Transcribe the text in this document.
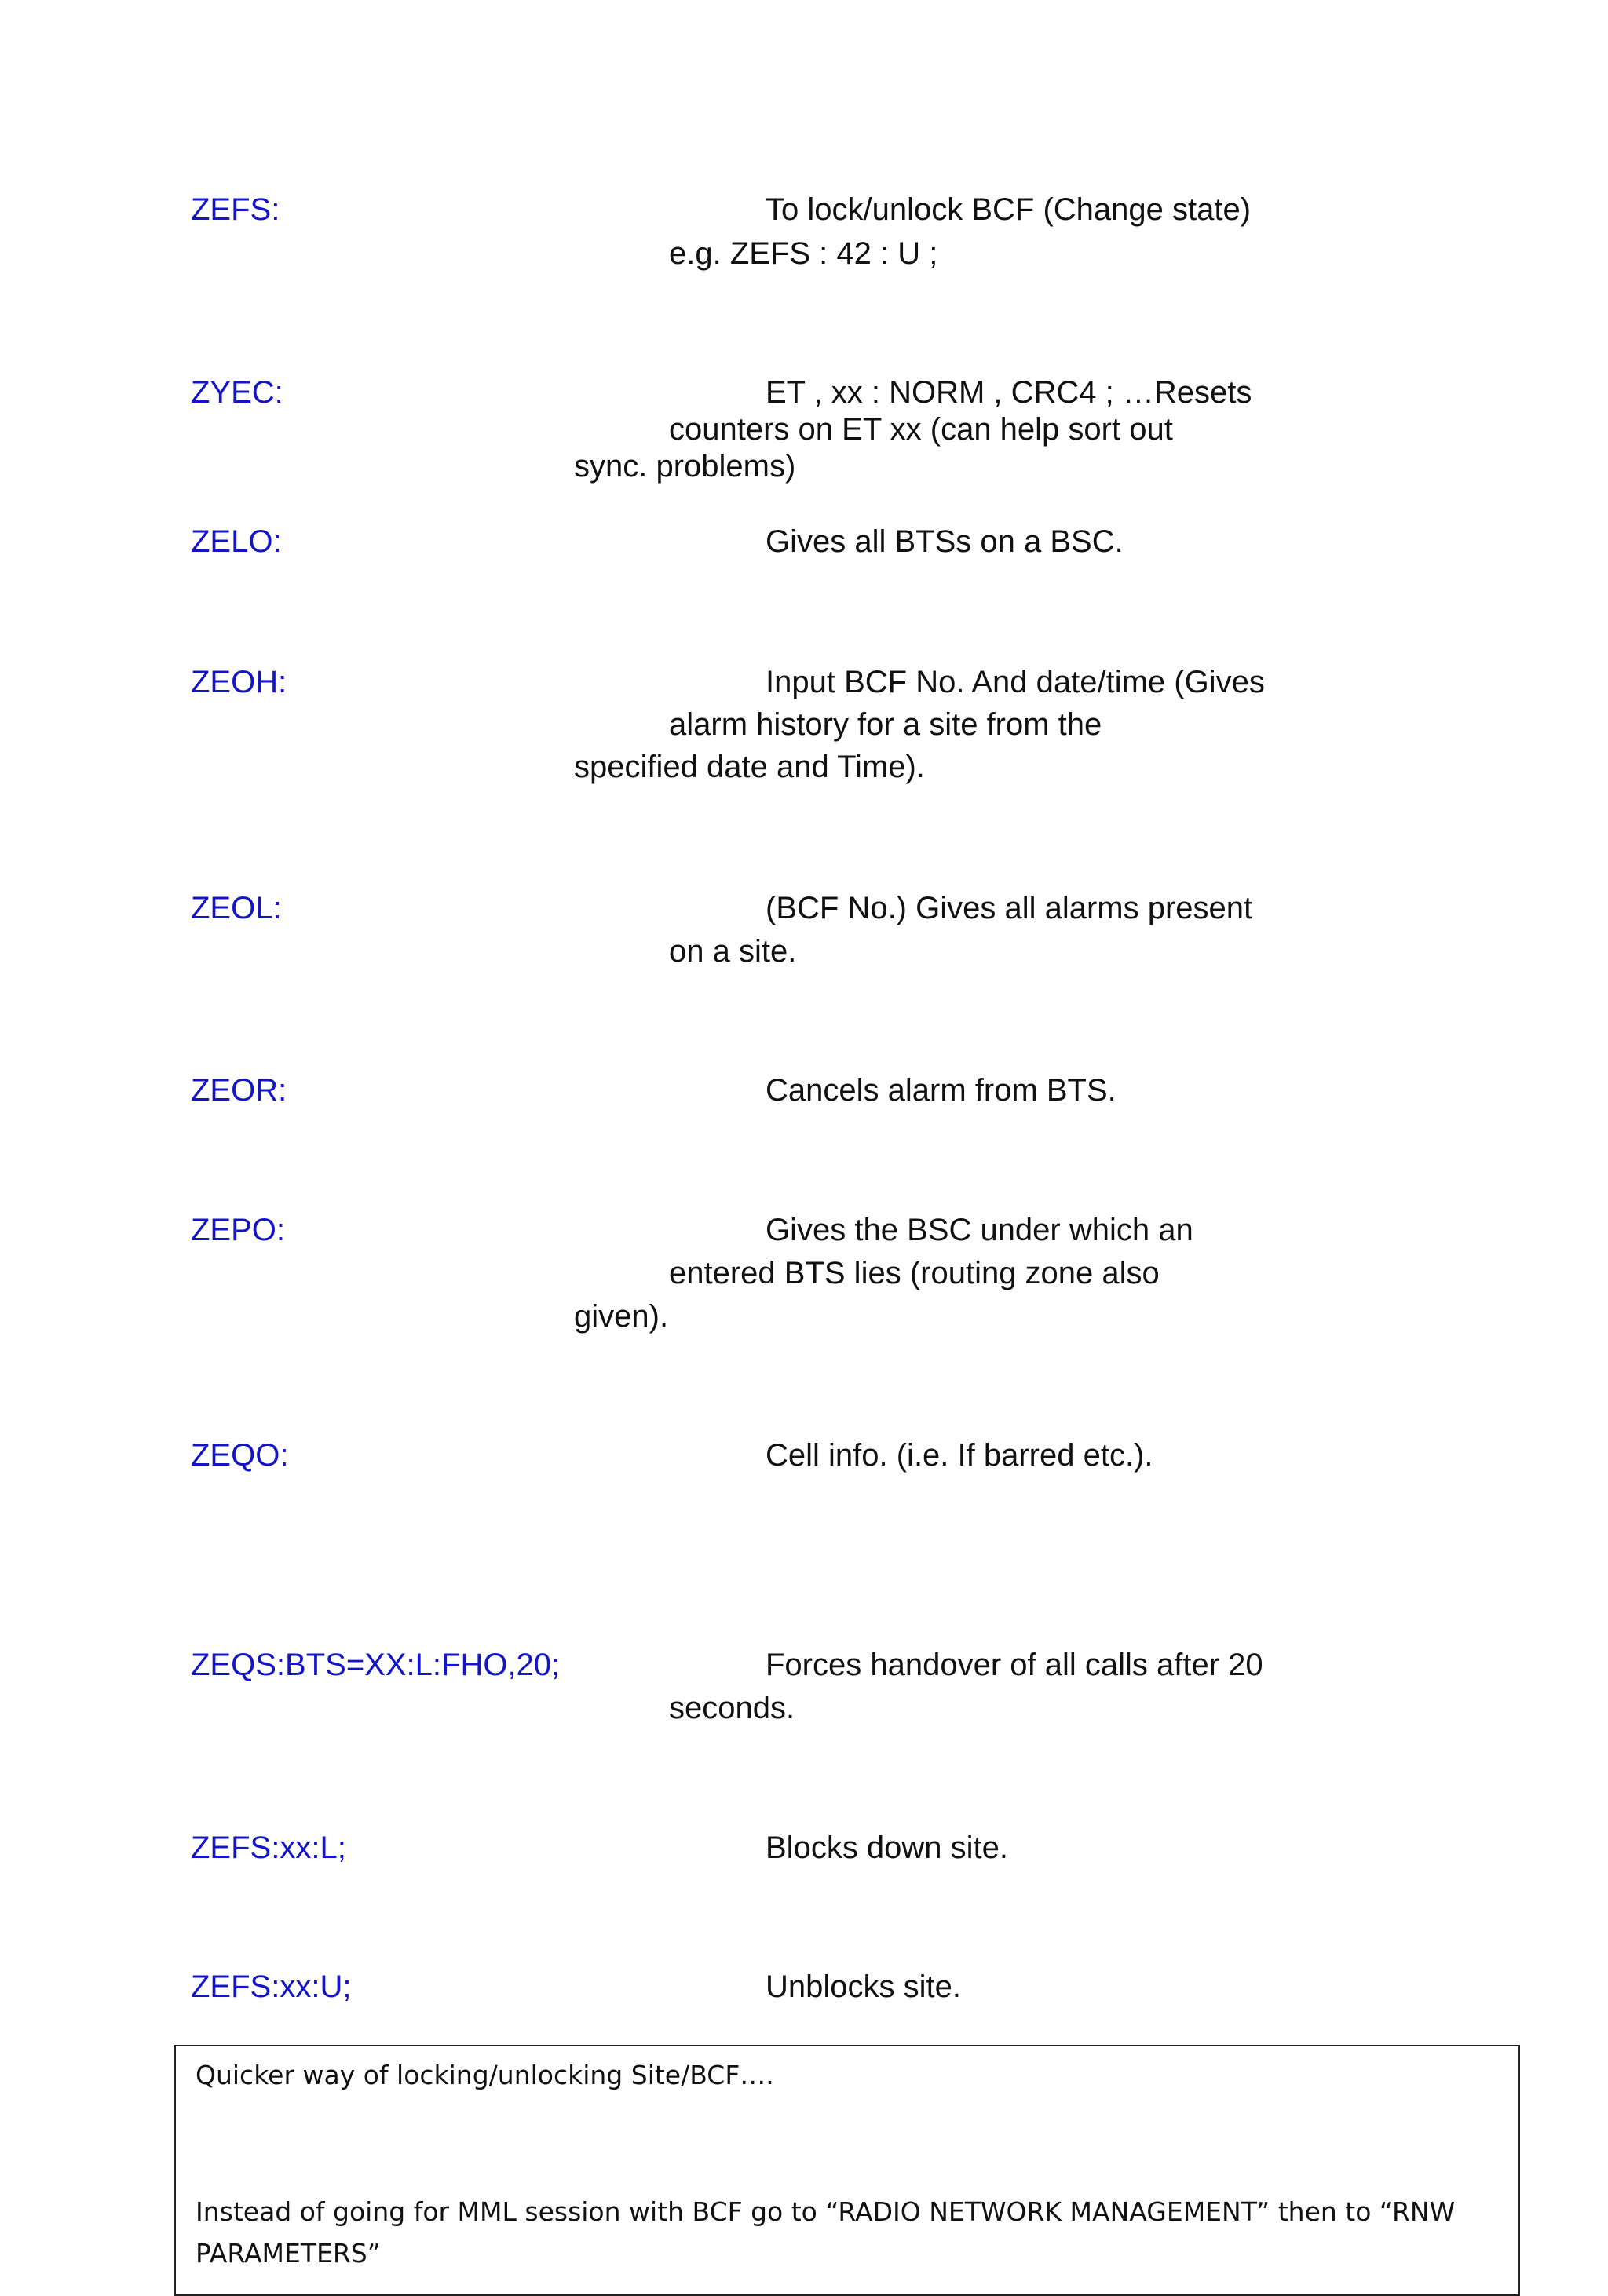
ZEFS:	To lock/unlock BCF (Change state)
e.g. ZEFS : 42 : U ;
ZYEC:	ET , xx : NORM , CRC4 ; …Resets
counters on ET xx (can help sort out
sync. problems)
ZELO:	Gives all BTSs on a BSC.
ZEOH:	Input BCF No. And date/time (Gives
alarm history for a site from the
specified date and Time).
ZEOL:	(BCF No.) Gives all alarms present
on a site.
ZEOR:	Cancels alarm from BTS.
ZEPO:	Gives the BSC under which an
entered BTS lies (routing zone also
given).
ZEQO:	Cell info. (i.e. If barred etc.).
ZEQS:BTS=XX:L:FHO,20;	Forces handover of all calls after 20
seconds.
ZEFS:xx:L;	Blocks down site.
ZEFS:xx:U;	Unblocks site.
Quicker way of locking/unlocking Site/BCF….
Instead of going for MML session with BCF go to “RADIO NETWORK MANAGEMENT” then to “RNW
PARAMETERS”
